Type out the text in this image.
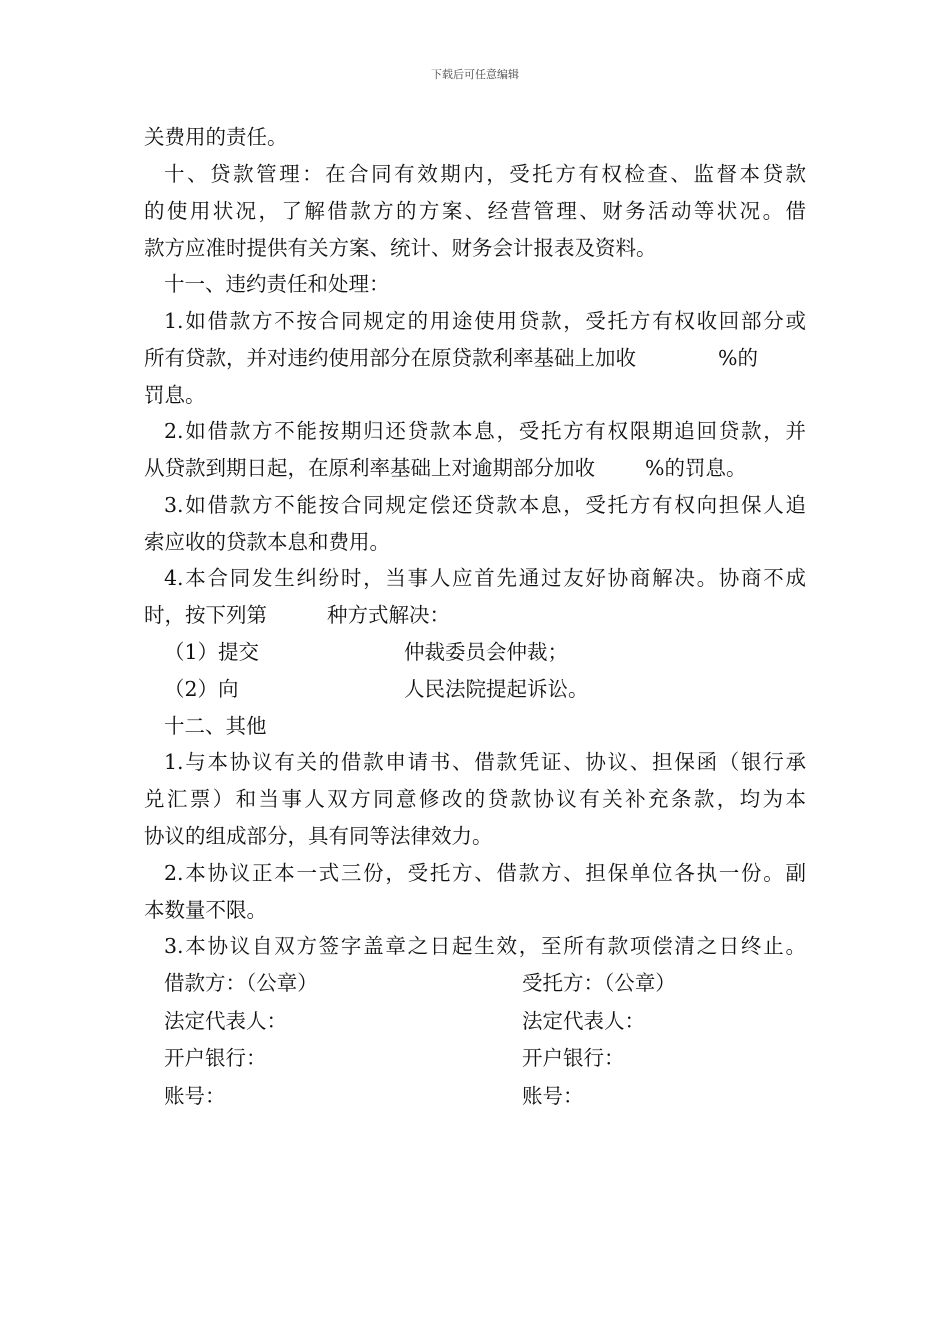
下载后可任意编辑
关费用的责任。
十、贷款管理：在合同有效期内，受托方有权检查、监督本贷款
的使用状况，了解借款方的方案、经营管理、财务活动等状况。借
款方应准时提供有关方案、统计、财务会计报表及资料。
十一、违约责任和处理：
1.如借款方不按合同规定的用途使用贷款，受托方有权收回部分或
所有贷款，并对违约使用部分在原贷款利率基础上加收	%的
罚息。
2.如借款方不能按期归还贷款本息，受托方有权限期追回贷款，并
从贷款到期日起，在原利率基础上对逾期部分加收 %的罚息。
3.如借款方不能按合同规定偿还贷款本息，受托方有权向担保人追
索应收的贷款本息和费用。
4.本合同发生纠纷时，当事人应首先通过友好协商解决。协商不成
时，按下列第	种方式解决：
（1）提交	仲裁委员会仲裁；
（2）向	人民法院提起诉讼。
十二、其他
1.与本协议有关的借款申请书、借款凭证、协议、担保函（银行承
兑汇票）和当事人双方同意修改的贷款协议有关补充条款，均为本
协议的组成部分，具有同等法律效力。
2.本协议正本一式三份，受托方、借款方、担保单位各执一份。副
本数量不限。
3.本协议自双方签字盖章之日起生效，至所有款项偿清之日终止。
借款方：（公章）	受托方：（公章）
法定代表人：	法定代表人：
开户银行：	开户银行：
账号：	账号：
